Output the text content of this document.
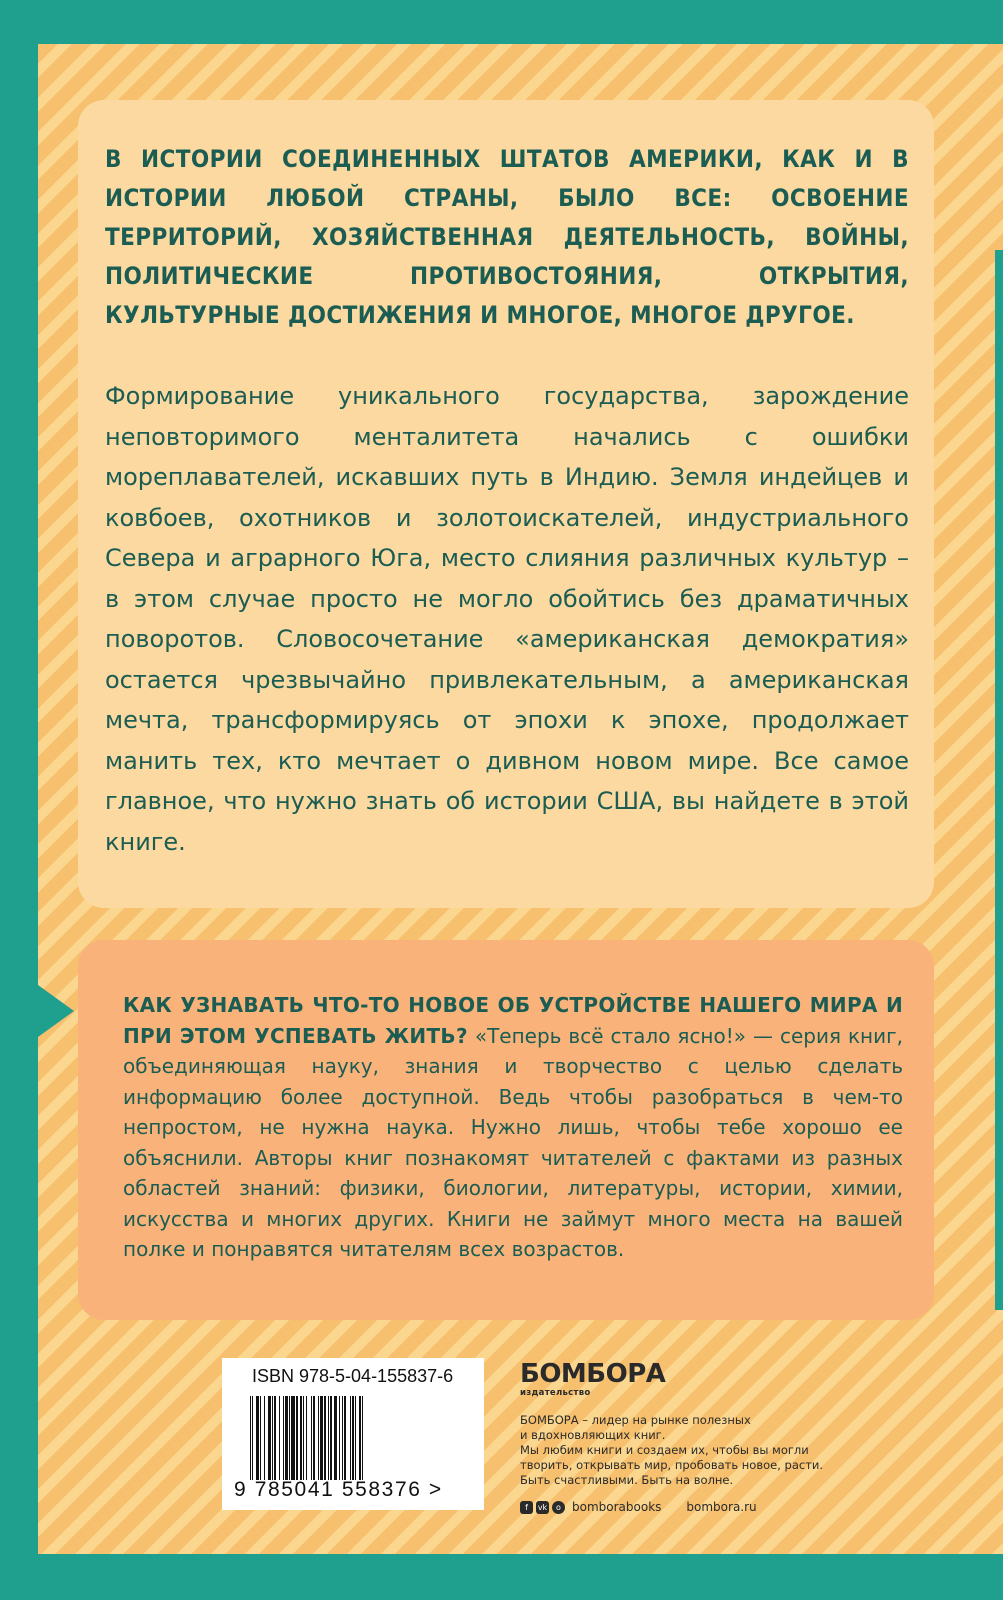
В ИСТОРИИ СОЕДИНЕННЫХ ШТАТОВ АМЕРИКИ, КАК И В ИСТОРИИ ЛЮБОЙ СТРАНЫ, БЫЛО ВСЕ: ОСВОЕНИЕ ТЕРРИТОРИЙ, ХОЗЯЙСТВЕННАЯ ДЕЯТЕЛЬНОСТЬ, ВОЙНЫ, ПОЛИТИЧЕСКИЕ ПРОТИВОСТОЯНИЯ, ОТКРЫТИЯ, КУЛЬТУРНЫЕ ДОСТИЖЕНИЯ И МНОГОЕ, МНОГОЕ ДРУГОЕ.

Формирование уникального государства, зарождение неповторимого менталитета начались с ошибки мореплавателей, искавших путь в Индию. Земля индейцев и ковбоев, охотников и золотоискателей, индустриального Севера и аграрного Юга, место слияния различных культур – в этом случае просто не могло обойтись без драматичных поворотов. Словосочетание «американская демократия» остается чрезвычайно привлекательным, а американская мечта, трансформируясь от эпохи к эпохе, продолжает манить тех, кто мечтает о дивном новом мире. Все самое главное, что нужно знать об истории США, вы найдете в этой книге.

КАК УЗНАВАТЬ ЧТО-ТО НОВОЕ ОБ УСТРОЙСТВЕ НАШЕГО МИРА И ПРИ ЭТОМ УСПЕВАТЬ ЖИТЬ? «Теперь всё стало ясно!» — серия книг, объединяющая науку, знания и творчество с целью сделать информацию более доступной. Ведь чтобы разобраться в чем-то непростом, не нужна наука. Нужно лишь, чтобы тебе хорошо ее объяснили. Авторы книг познакомят читателей с фактами из разных областей знаний: физики, биологии, литературы, истории, химии, искусства и многих других. Книги не займут много места на вашей полке и понравятся читателям всех возрастов.

ISBN 978-5-04-155837-6
9 785041 558376 >
БОМБОРА
издательство

БОМБОРА – лидер на рынке полезных

и вдохновляющих книг.

Мы любим книги и создаем их, чтобы вы могли

творить, открывать мир, пробовать новое, расти.

Быть счастливыми. Быть на волне.

f	vk	o bomborabooks bombora.ru
